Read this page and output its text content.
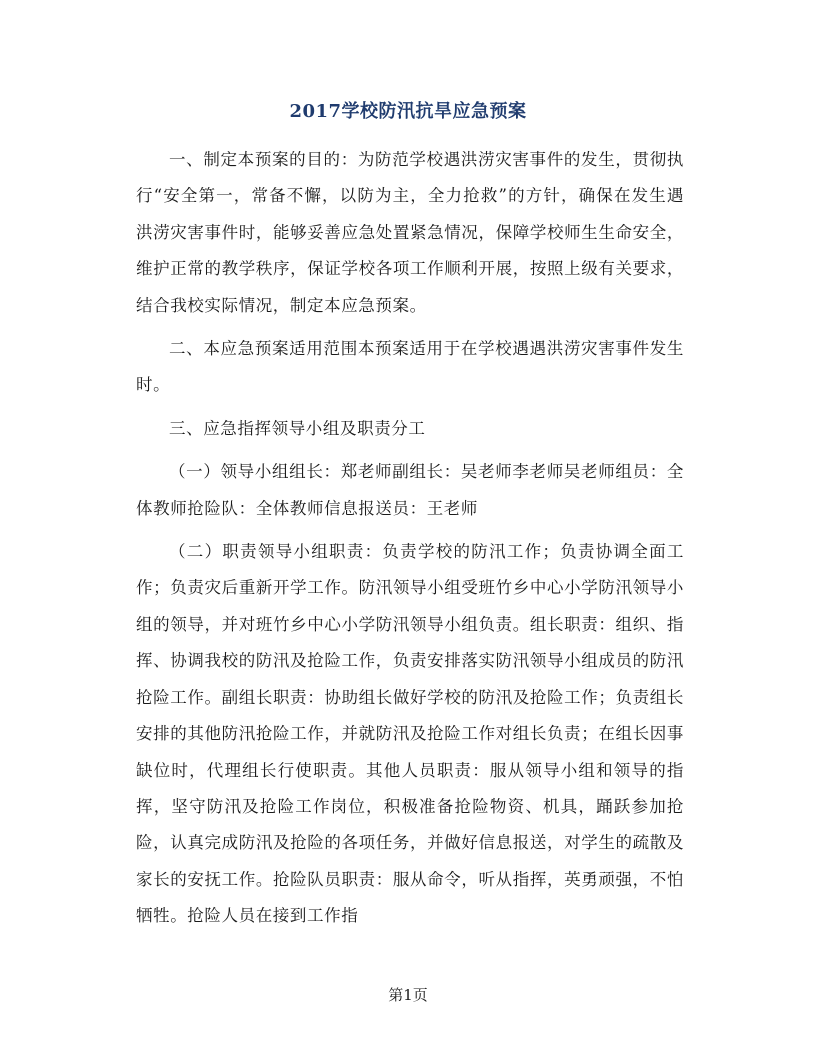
2017学校防汛抗旱应急预案

一、制定本预案的目的：为防范学校遇洪涝灾害事件的发生，贯彻执行“安全第一，常备不懈，以防为主，全力抢救”的方针，确保在发生遇洪涝灾害事件时，能够妥善应急处置紧急情况，保障学校师生生命安全，维护正常的教学秩序，保证学校各项工作顺利开展，按照上级有关要求，结合我校实际情况，制定本应急预案。

二、本应急预案适用范围本预案适用于在学校遇遇洪涝灾害事件发生时。

三、应急指挥领导小组及职责分工

（一）领导小组组长：郑老师副组长：吴老师李老师吴老师组员：全体教师抢险队：全体教师信息报送员：王老师

（二）职责领导小组职责：负责学校的防汛工作；负责协调全面工作；负责灾后重新开学工作。防汛领导小组受班竹乡中心小学防汛领导小组的领导，并对班竹乡中心小学防汛领导小组负责。组长职责：组织、指挥、协调我校的防汛及抢险工作，负责安排落实防汛领导小组成员的防汛抢险工作。副组长职责：协助组长做好学校的防汛及抢险工作；负责组长安排的其他防汛抢险工作，并就防汛及抢险工作对组长负责；在组长因事缺位时，代理组长行使职责。其他人员职责：服从领导小组和领导的指挥，坚守防汛及抢险工作岗位，积极准备抢险物资、机具，踊跃参加抢险，认真完成防汛及抢险的各项任务，并做好信息报送，对学生的疏散及家长的安抚工作。抢险队员职责：服从命令，听从指挥，英勇顽强，不怕牺牲。抢险人员在接到工作指

第1页
